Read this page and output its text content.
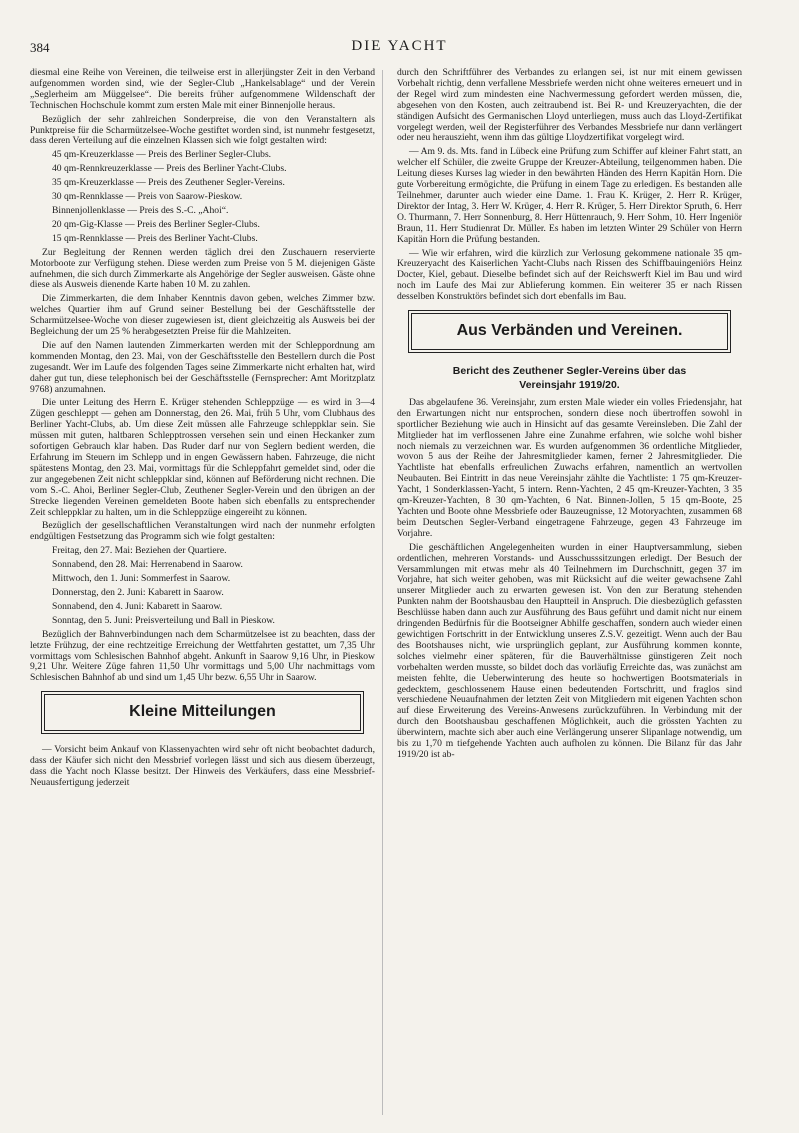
384	DIE YACHT

diesmal eine Reihe von Vereinen, die teilweise erst in allerjüngster Zeit in den Verband aufgenommen worden sind, wie der Segler-Club „Hankelsablage“ und der Verein „Seglerheim am Müggelsee“. Die bereits früher aufgenommene Wildenschaft der Technischen Hochschule kommt zum ersten Male mit einer Binnenjolle heraus.

Bezüglich der sehr zahlreichen Sonderpreise, die von den Veranstaltern als Punktpreise für die Scharmützelsee-Woche gestiftet worden sind, ist nunmehr festgesetzt, dass deren Verteilung auf die einzelnen Klassen sich wie folgt gestalten wird:

45 qm-Kreuzerklasse — Preis des Berliner Segler-Clubs.

40 qm-Rennkreuzerklasse — Preis des Berliner Yacht-Clubs.

35 qm-Kreuzerklasse — Preis des Zeuthener Segler-Vereins.

30 qm-Rennklasse — Preis von Saarow-Pieskow.

Binnenjollenklasse — Preis des S.-C. „Ahoi“.

20 qm-Gig-Klasse — Preis des Berliner Segler-Clubs.

15 qm-Rennklasse — Preis des Berliner Yacht-Clubs.

Zur Begleitung der Rennen werden täglich drei den Zuschauern reservierte Motorboote zur Verfügung stehen. Diese werden zum Preise von 5 M. diejenigen Gäste aufnehmen, die sich durch Zimmerkarte als Angehörige der Segler ausweisen. Gäste ohne diese als Ausweis dienende Karte haben 10 M. zu zahlen.

Die Zimmerkarten, die dem Inhaber Kenntnis davon geben, welches Zimmer bzw. welches Quartier ihm auf Grund seiner Bestellung bei der Geschäftsstelle der Scharmützelsee-Woche von dieser zugewiesen ist, dient gleichzeitig als Ausweis bei der Begleichung der um 25 % herabgesetzten Preise für die Mahlzeiten.

Die auf den Namen lautenden Zimmerkarten werden mit der Schleppordnung am kommenden Montag, den 23. Mai, von der Geschäftsstelle den Bestellern durch die Post zugesandt. Wer im Laufe des folgenden Tages seine Zimmerkarte nicht erhalten hat, wird daher gut tun, diese telephonisch bei der Geschäftsstelle (Fernsprecher: Amt Moritzplatz 9768) anzumahnen.

Die unter Leitung des Herrn E. Krüger stehenden Schleppzüge — es wird in 3—4 Zügen geschleppt — gehen am Donnerstag, den 26. Mai, früh 5 Uhr, vom Clubhaus des Berliner Yacht-Clubs, ab. Um diese Zeit müssen alle Fahrzeuge schleppklar sein. Sie müssen mit guten, haltbaren Schlepptrossen versehen sein und einen Heckanker zum sofortigen Gebrauch klar haben. Das Ruder darf nur von Seglern bedient werden, die Erfahrung im Steuern im Schlepp und in engen Gewässern haben. Fahrzeuge, die nicht spätestens Montag, den 23. Mai, vormittags für die Schleppfahrt gemeldet sind, oder die zur angegebenen Zeit nicht schleppklar sind, können auf Beförderung nicht rechnen. Die vom S.-C. Ahoi, Berliner Segler-Club, Zeuthener Segler-Verein und den übrigen an der Strecke liegenden Vereinen gemeldeten Boote haben sich ebenfalls zu entsprechender Zeit schleppklar zu halten, um in die Schleppzüge eingereiht zu können.

Bezüglich der gesellschaftlichen Veranstaltungen wird nach der nunmehr erfolgten endgültigen Festsetzung das Programm sich wie folgt gestalten:

Freitag, den 27. Mai: Beziehen der Quartiere.

Sonnabend, den 28. Mai: Herrenabend in Saarow.

Mittwoch, den 1. Juni: Sommerfest in Saarow.

Donnerstag, den 2. Juni: Kabarett in Saarow.

Sonnabend, den 4. Juni: Kabarett in Saarow.

Sonntag, den 5. Juni: Preisverteilung und Ball in Pieskow.

Bezüglich der Bahnverbindungen nach dem Scharmützelsee ist zu beachten, dass der letzte Frühzug, der eine rechtzeitige Erreichung der Wettfahrten gestattet, um 7,35 Uhr vormittags vom Schlesischen Bahnhof abgeht. Ankunft in Saarow 9,16 Uhr, in Pieskow 9,21 Uhr. Weitere Züge fahren 11,50 Uhr vormittags und 5,00 Uhr nachmittags vom Schlesischen Bahnhof ab und sind um 1,45 Uhr bezw. 6,55 Uhr in Saarow.

Kleine Mitteilungen

— Vorsicht beim Ankauf von Klassenyachten wird sehr oft nicht beobachtet dadurch, dass der Käufer sich nicht den Messbrief vorlegen lässt und sich aus diesem überzeugt, dass die Yacht noch Klasse besitzt. Der Hinweis des Verkäufers, dass eine Messbrief-Neuausfertigung jederzeit

durch den Schriftführer des Verbandes zu erlangen sei, ist nur mit einem gewissen Vorbehalt richtig, denn verfallene Messbriefe werden nicht ohne weiteres erneuert und in der Regel wird zum mindesten eine Nachvermessung gefordert werden müssen, die, abgesehen von den Kosten, auch zeitraubend ist. Bei R- und Kreuzeryachten, die der ständigen Aufsicht des Germanischen Lloyd unterliegen, muss auch das Lloyd-Zertifikat vorgelegt werden, weil der Registerführer des Verbandes Messbriefe nur dann verlängert oder neu herauszieht, wenn ihm das gültige Lloydzertifikat vorgelegt wird.

— Am 9. ds. Mts. fand in Lübeck eine Prüfung zum Schiffer auf kleiner Fahrt statt, an welcher elf Schüler, die zweite Gruppe der Kreuzer-Abteilung, teilgenommen haben. Die Leitung dieses Kurses lag wieder in den bewährten Händen des Herrn Kapitän Horn. Die gute Vorbereitung ermögichte, die Prüfung in einem Tage zu erledigen. Es bestanden alle Teilnehmer, darunter auch wieder eine Dame. 1. Frau K. Krüger, 2. Herr R. Krüger, Direktor der Intag, 3. Herr W. Krüger, 4. Herr R. Krüger, 5. Herr Direktor Spruth, 6. Herr O. Thurmann, 7. Herr Sonnenburg, 8. Herr Hüttenrauch, 9. Herr Sohm, 10. Herr Ingeniör Braun, 11. Herr Studienrat Dr. Müller. Es haben im letzten Winter 29 Schüler von Herrn Kapitän Horn die Prüfung bestanden.

— Wie wir erfahren, wird die kürzlich zur Verlosung gekommene nationale 35 qm-Kreuzeryacht des Kaiserlichen Yacht-Clubs nach Rissen des Schiffbauingeniörs Heinz Docter, Kiel, gebaut. Dieselbe befindet sich auf der Reichswerft Kiel im Bau und wird noch im Laufe des Mai zur Ablieferung kommen. Ein weiterer 35 er nach Rissen desselben Konstruktörs befindet sich dort ebenfalls im Bau.

Aus Verbänden und Vereinen.
Bericht des Zeuthener Segler-Vereins über das
Vereinsjahr 1919/20.

Das abgelaufene 36. Vereinsjahr, zum ersten Male wieder ein volles Friedensjahr, hat den Erwartungen nicht nur entsprochen, sondern diese noch übertroffen sowohl in sportlicher Beziehung wie auch in Hinsicht auf das gesamte Vereinsleben. Die Zahl der Mitglieder hat im verflossenen Jahre eine Zunahme erfahren, wie solche wohl bisher noch niemals zu verzeichnen war. Es wurden aufgenommen 36 ordentliche Mitglieder, wovon 5 aus der Reihe der Jahresmitglieder kamen, ferner 2 Jahresmitglieder. Die Yachtliste hat ebenfalls erfreulichen Zuwachs erfahren, namentlich an wertvollen Neubauten. Bei Eintritt in das neue Vereinsjahr zählte die Yachtliste: 1 75 qm-Kreuzer-Yacht, 1 Sonderklassen-Yacht, 5 intern. Renn-Yachten, 2 45 qm-Kreuzer-Yachten, 3 35 qm-Kreuzer-Yachten, 8 30 qm-Yachten, 6 Nat. Binnen-Jollen, 5 15 qm-Boote, 25 Yachten und Boote ohne Messbriefe oder Bauzeugnisse, 12 Motoryachten, zusammen 68 beim Deutschen Segler-Verband eingetragene Fahrzeuge, gegen 43 Fahrzeuge im Vorjahre.

Die geschäftlichen Angelegenheiten wurden in einer Hauptversammlung, sieben ordentlichen, mehreren Vorstands- und Ausschusssitzungen erledigt. Der Besuch der Versammlungen mit etwas mehr als 40 Teilnehmern im Durchschnitt, gegen 37 im Vorjahre, hat sich weiter gehoben, was mit Rücksicht auf die weiter gewachsene Zahl unserer Mitglieder auch zu erwarten gewesen ist. Von den zur Beratung stehenden Punkten nahm der Bootshausbau den Hauptteil in Anspruch. Die diesbezüglich gefassten Beschlüsse haben dann auch zur Ausführung des Baus geführt und damit nicht nur einem dringenden Bedürfnis für die Bootseigner Abhilfe geschaffen, sondern auch wieder einen gewichtigen Fortschritt in der Entwicklung unseres Z.S.V. gezeitigt. Wenn auch der Bau des Bootshauses nicht, wie ursprünglich geplant, zur Ausführung kommen konnte, solches vielmehr einer späteren, für die Bauverhältnisse günstigeren Zeit noch vorbehalten werden musste, so bildet doch das vorläufig Erreichte das, was zunächst am meisten fehlte, die Ueberwinterung des heute so hochwertigen Bootsmaterials in gedecktem, geschlossenem Hause einen bedeutenden Fortschritt, und fraglos sind verschiedene Neuaufnahmen der letzten Zeit von Mitgliedern mit eigenen Yachten schon auf diese Erweiterung des Vereins-Anwesens zurückzuführen. In Verbindung mit der durch den Bootshausbau geschaffenen Möglichkeit, auch die grössten Yachten zu überwintern, machte sich aber auch eine Verlängerung unserer Slipanlage notwendig, um bis zu 1,70 m tiefgehende Yachten auch aufholen zu können. Die Bilanz für das Jahr 1919/20 ist ab-
